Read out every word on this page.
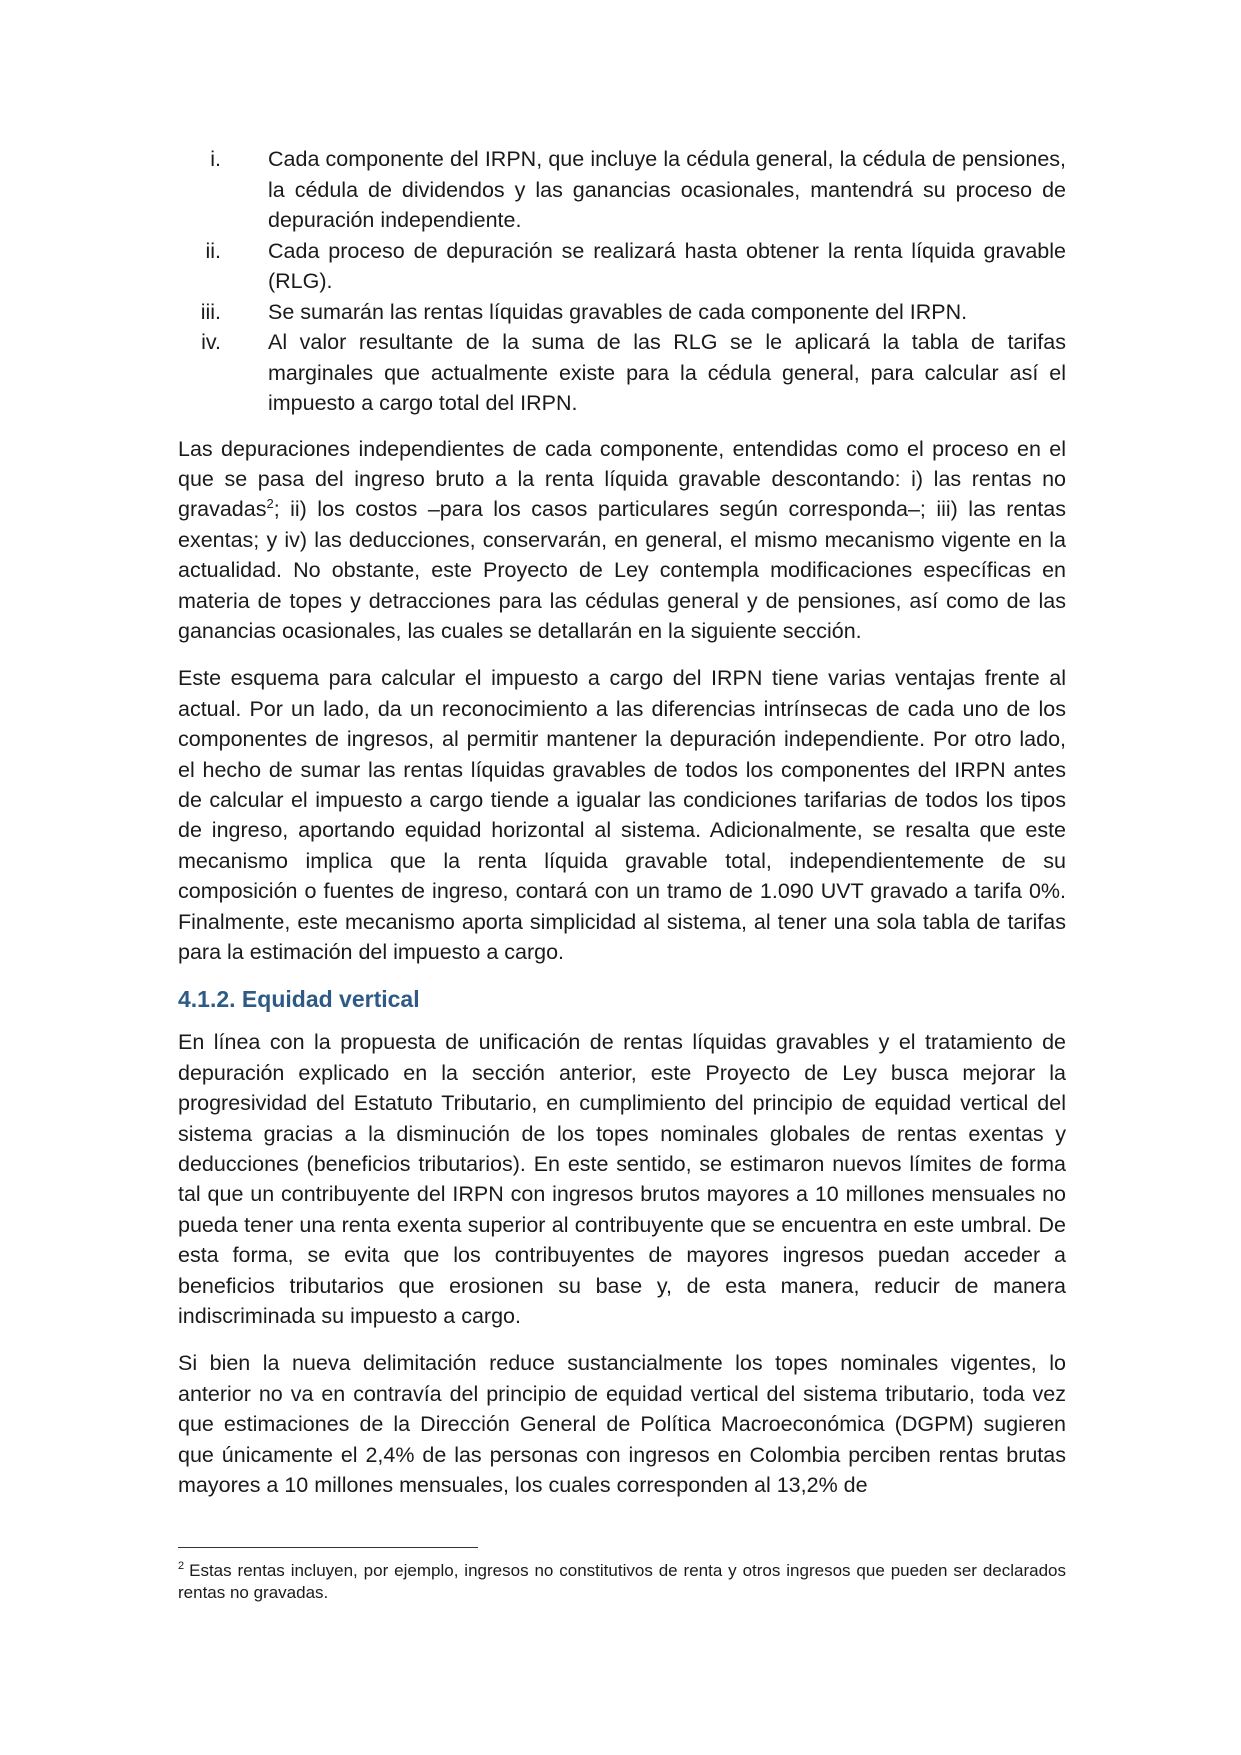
i. Cada componente del IRPN, que incluye la cédula general, la cédula de pensiones, la cédula de dividendos y las ganancias ocasionales, mantendrá su proceso de depuración independiente.
ii. Cada proceso de depuración se realizará hasta obtener la renta líquida gravable (RLG).
iii. Se sumarán las rentas líquidas gravables de cada componente del IRPN.
iv. Al valor resultante de la suma de las RLG se le aplicará la tabla de tarifas marginales que actualmente existe para la cédula general, para calcular así el impuesto a cargo total del IRPN.

Las depuraciones independientes de cada componente, entendidas como el proceso en el que se pasa del ingreso bruto a la renta líquida gravable descontando: i) las rentas no gravadas$^2$; ii) los costos –para los casos particulares según corresponda–; iii) las rentas exentas; y iv) las deducciones, conservarán, en general, el mismo mecanismo vigente en la actualidad. No obstante, este Proyecto de Ley contempla modificaciones específicas en materia de topes y detracciones para las cédulas general y de pensiones, así como de las ganancias ocasionales, las cuales se detallarán en la siguiente sección.

Este esquema para calcular el impuesto a cargo del IRPN tiene varias ventajas frente al actual. Por un lado, da un reconocimiento a las diferencias intrínsecas de cada uno de los componentes de ingresos, al permitir mantener la depuración independiente. Por otro lado, el hecho de sumar las rentas líquidas gravables de todos los componentes del IRPN antes de calcular el impuesto a cargo tiende a igualar las condiciones tarifarias de todos los tipos de ingreso, aportando equidad horizontal al sistema. Adicionalmente, se resalta que este mecanismo implica que la renta líquida gravable total, independientemente de su composición o fuentes de ingreso, contará con un tramo de 1.090 UVT gravado a tarifa 0%. Finalmente, este mecanismo aporta simplicidad al sistema, al tener una sola tabla de tarifas para la estimación del impuesto a cargo.

4.1.2. Equidad vertical

En línea con la propuesta de unificación de rentas líquidas gravables y el tratamiento de depuración explicado en la sección anterior, este Proyecto de Ley busca mejorar la progresividad del Estatuto Tributario, en cumplimiento del principio de equidad vertical del sistema gracias a la disminución de los topes nominales globales de rentas exentas y deducciones (beneficios tributarios). En este sentido, se estimaron nuevos límites de forma tal que un contribuyente del IRPN con ingresos brutos mayores a 10 millones mensuales no pueda tener una renta exenta superior al contribuyente que se encuentra en este umbral. De esta forma, se evita que los contribuyentes de mayores ingresos puedan acceder a beneficios tributarios que erosionen su base y, de esta manera, reducir de manera indiscriminada su impuesto a cargo.

Si bien la nueva delimitación reduce sustancialmente los topes nominales vigentes, lo anterior no va en contravía del principio de equidad vertical del sistema tributario, toda vez que estimaciones de la Dirección General de Política Macroeconómica (DGPM) sugieren que únicamente el 2,4% de las personas con ingresos en Colombia perciben rentas brutas mayores a 10 millones mensuales, los cuales corresponden al 13,2% de

$^2$ Estas rentas incluyen, por ejemplo, ingresos no constitutivos de renta y otros ingresos que pueden ser declarados rentas no gravadas.
